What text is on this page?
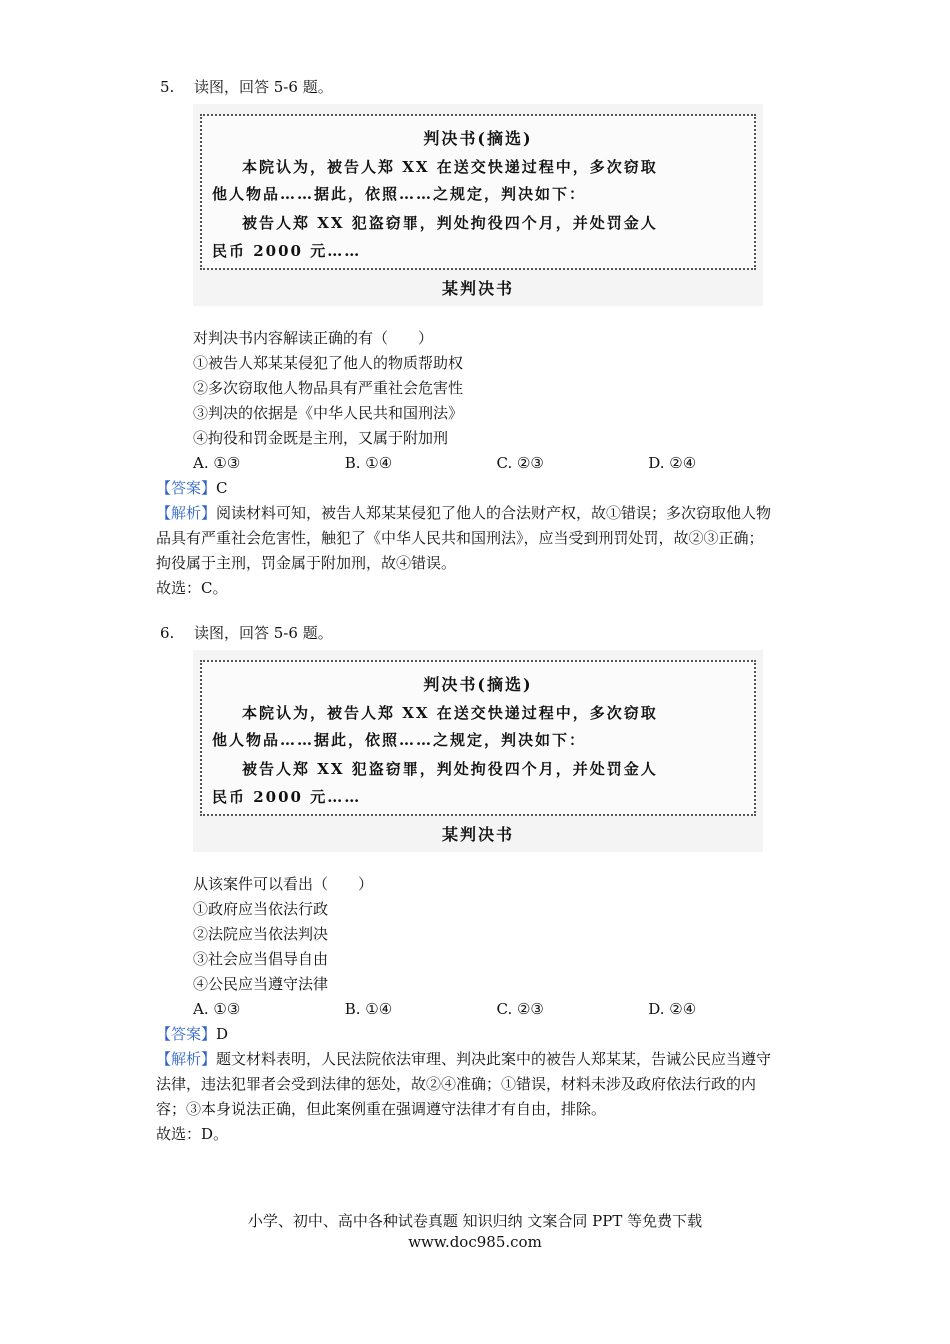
5. 读图，回答 5-6 题。
判决书(摘选)
本院认为，被告人郑 XX 在送交快递过程中，多次窃取
他人物品……据此，依照……之规定，判决如下：
被告人郑 XX 犯盗窃罪，判处拘役四个月，并处罚金人
民币 2000 元……
某判决书
对判决书内容解读正确的有（　　）
①被告人郑某某侵犯了他人的物质帮助权
②多次窃取他人物品具有严重社会危害性
③判决的依据是《中华人民共和国刑法》
④拘役和罚金既是主刑，又属于附加刑
A. ①③	B. ①④	C. ②③	D. ②④
【答案】C
【解析】阅读材料可知，被告人郑某某侵犯了他人的合法财产权，故①错误；多次窃取他人物品具有严重社会危害性，触犯了《中华人民共和国刑法》，应当受到刑罚处罚，故②③正确；拘役属于主刑，罚金属于附加刑，故④错误。
故选：C。
6. 读图，回答 5-6 题。
判决书(摘选)
本院认为，被告人郑 XX 在送交快递过程中，多次窃取
他人物品……据此，依照……之规定，判决如下：
被告人郑 XX 犯盗窃罪，判处拘役四个月，并处罚金人
民币 2000 元……
某判决书
从该案件可以看出（　　）
①政府应当依法行政
②法院应当依法判决
③社会应当倡导自由
④公民应当遵守法律
A. ①③	B. ①④	C. ②③	D. ②④
【答案】D
【解析】题文材料表明，人民法院依法审理、判决此案中的被告人郑某某，告诫公民应当遵守法律，违法犯罪者会受到法律的惩处，故②④准确；①错误，材料未涉及政府依法行政的内容；③本身说法正确，但此案例重在强调遵守法律才有自由，排除。
故选：D。
小学、初中、高中各种试卷真题 知识归纳 文案合同 PPT 等免费下载
www.doc985.com
